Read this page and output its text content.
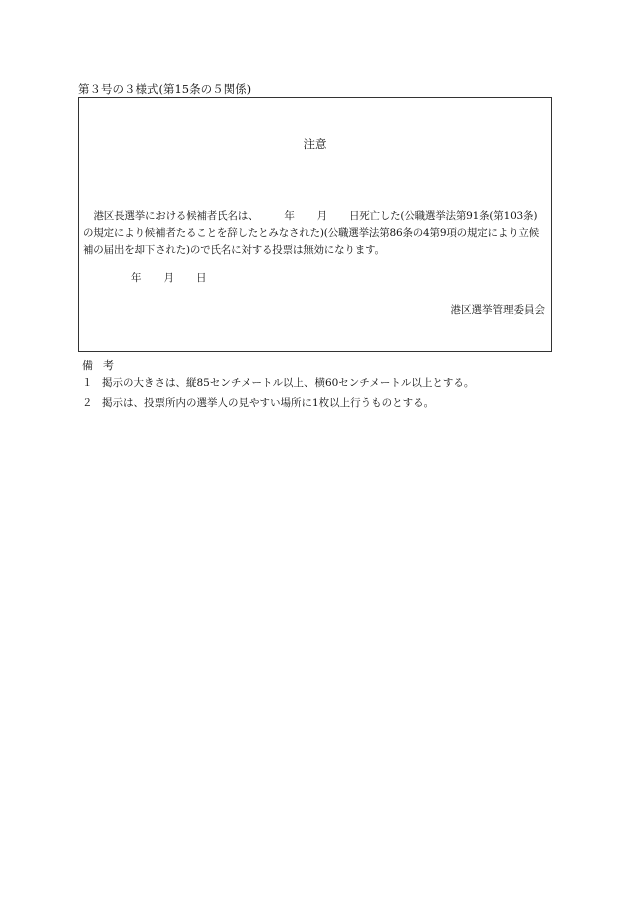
第３号の３様式(第15条の５関係)
注意
港区長選挙における候補者氏名は、 年 月 日死亡した(公職選挙法第91条(第103条)の規定により候補者たることを辞したとみなされた)(公職選挙法第86条の4第9項の規定により立候補の届出を却下された)ので氏名に対する投票は無効になります。
年 月 日
港区選挙管理委員会
備考
１ 掲示の大きさは、縦85センチメートル以上、横60センチメートル以上とする。
２ 掲示は、投票所内の選挙人の見やすい場所に1枚以上行うものとする。
